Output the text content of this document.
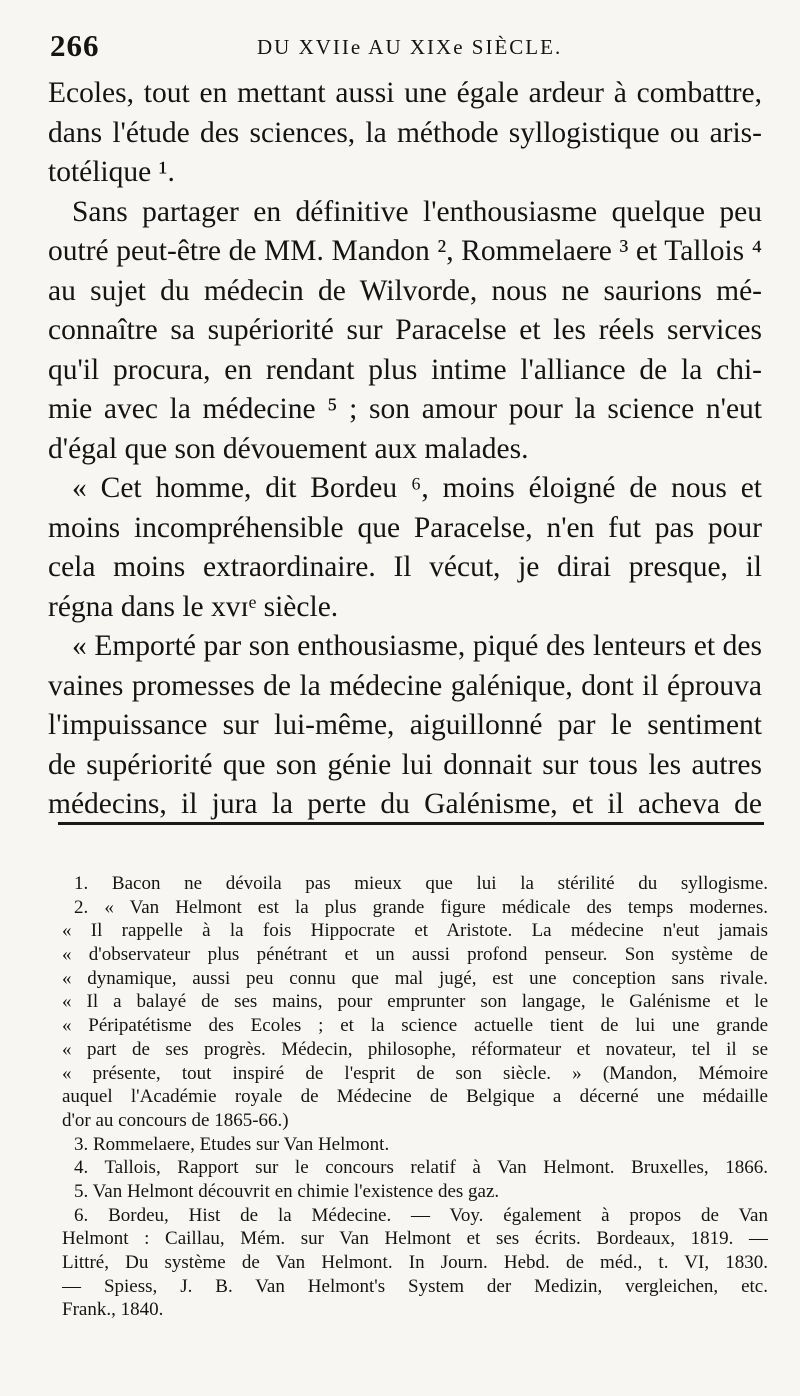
266	DU XVIIe AU XIXe SIÈCLE.
Ecoles, tout en mettant aussi une égale ardeur à combattre,
dans l'étude des sciences, la méthode syllogistique ou aris-
totélique ¹.
Sans partager en définitive l'enthousiasme quelque peu
outré peut-être de MM. Mandon ², Rommelaere ³ et Tallois ⁴
au sujet du médecin de Wilvorde, nous ne saurions mé-
connaître sa supériorité sur Paracelse et les réels services
qu'il procura, en rendant plus intime l'alliance de la chi-
mie avec la médecine ⁵ ; son amour pour la science n'eut
d'égal que son dévouement aux malades.
« Cet homme, dit Bordeu ⁶, moins éloigné de nous et
moins incompréhensible que Paracelse, n'en fut pas pour
cela moins extraordinaire. Il vécut, je dirai presque, il
régna dans le xvɪᵉ siècle.
« Emporté par son enthousiasme, piqué des lenteurs et des
vaines promesses de la médecine galénique, dont il éprouva
l'impuissance sur lui-même, aiguillonné par le sentiment
de supériorité que son génie lui donnait sur tous les autres
médecins, il jura la perte du Galénisme, et il acheva de
1. Bacon ne dévoila pas mieux que lui la stérilité du syllogisme.
2. « Van Helmont est la plus grande figure médicale des temps modernes.
« Il rappelle à la fois Hippocrate et Aristote. La médecine n'eut jamais
« d'observateur plus pénétrant et un aussi profond penseur. Son système de
« dynamique, aussi peu connu que mal jugé, est une conception sans rivale.
« Il a balayé de ses mains, pour emprunter son langage, le Galénisme et le
« Péripatétisme des Ecoles ; et la science actuelle tient de lui une grande
« part de ses progrès. Médecin, philosophe, réformateur et novateur, tel il se
« présente, tout inspiré de l'esprit de son siècle. » (Mandon, Mémoire
auquel l'Académie royale de Médecine de Belgique a décerné une médaille
d'or au concours de 1865-66.)
3. Rommelaere, Etudes sur Van Helmont.
4. Tallois, Rapport sur le concours relatif à Van Helmont. Bruxelles, 1866.
5. Van Helmont découvrit en chimie l'existence des gaz.
6. Bordeu, Hist de la Médecine. — Voy. également à propos de Van
Helmont : Caillau, Mém. sur Van Helmont et ses écrits. Bordeaux, 1819. —
Littré, Du système de Van Helmont. In Journ. Hebd. de méd., t. VI, 1830.
— Spiess, J. B. Van Helmont's System der Medizin, vergleichen, etc.
Frank., 1840.
